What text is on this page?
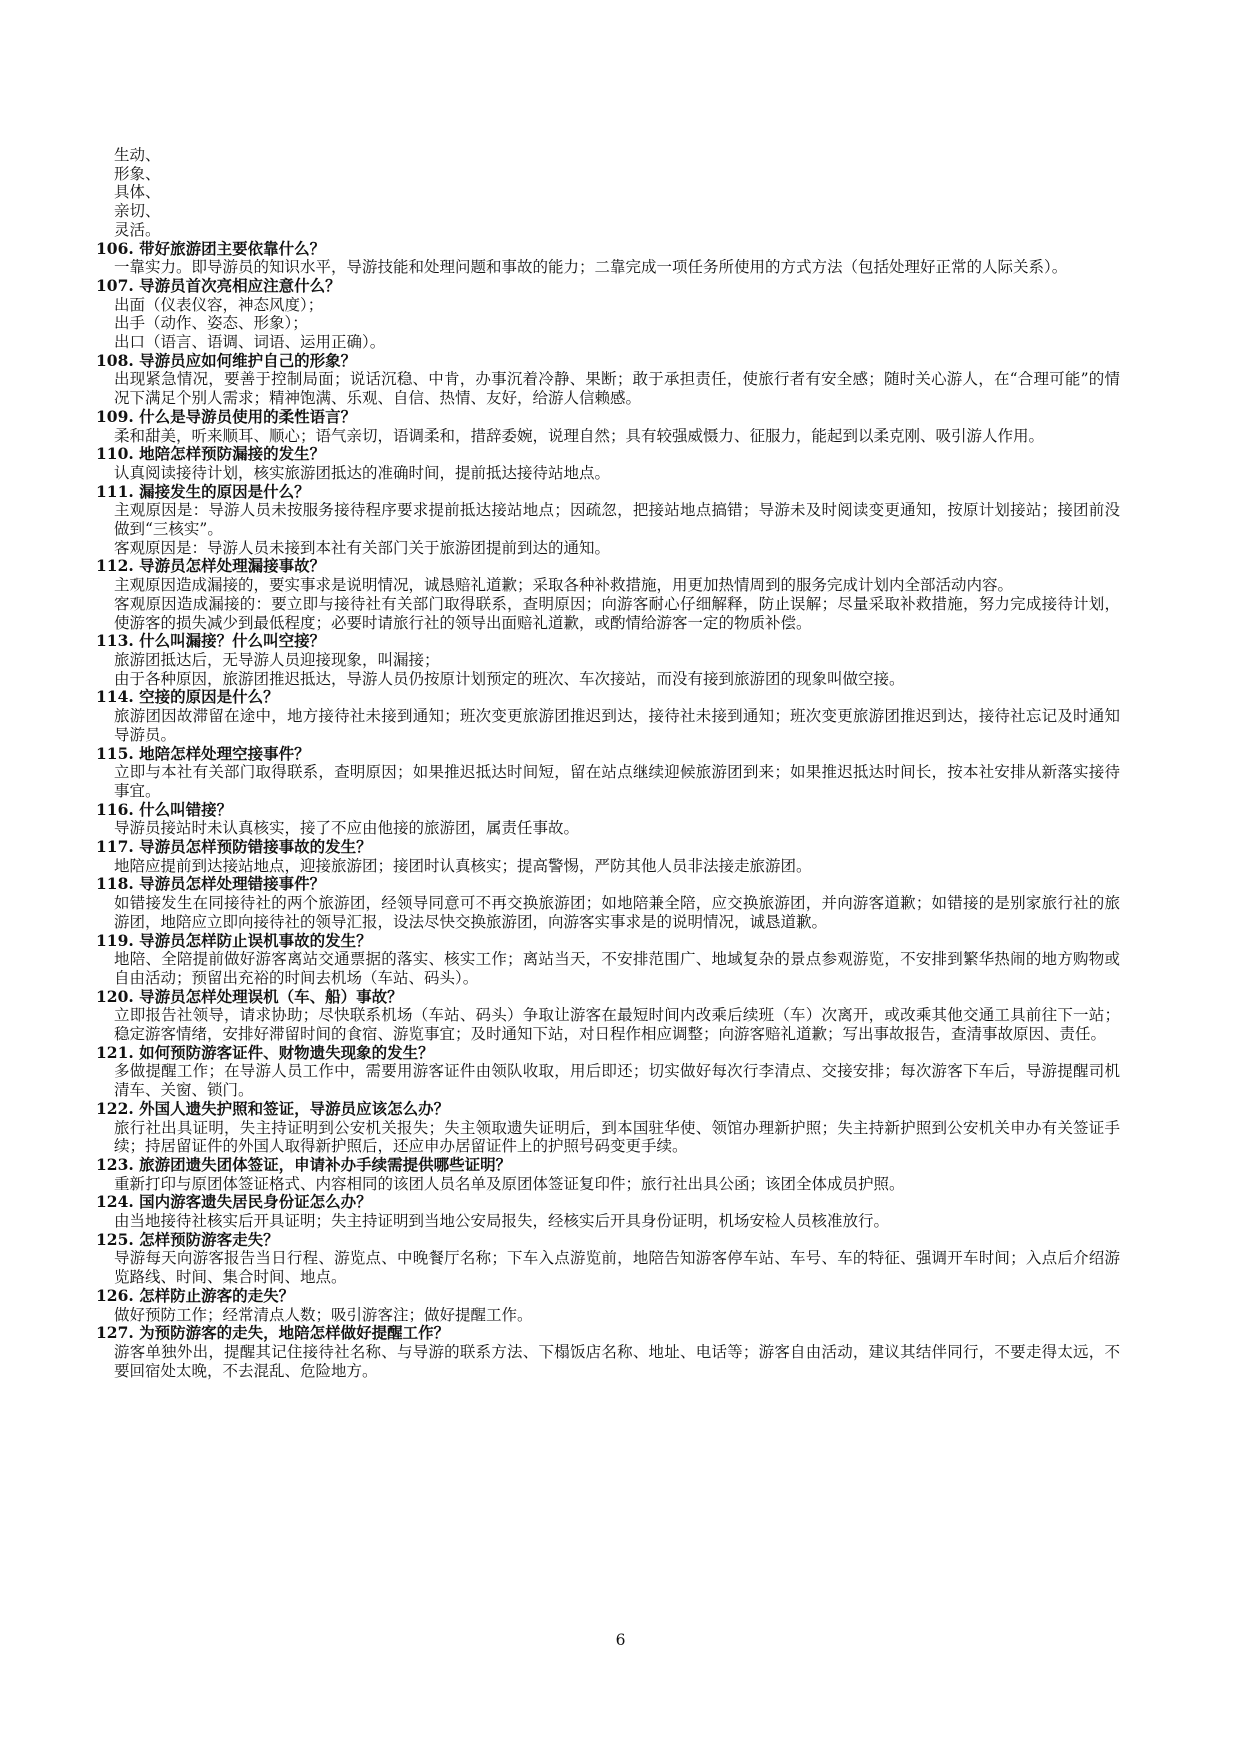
生动、

形象、

具体、

亲切、

灵活。

106. 带好旅游团主要依靠什么？

一靠实力。即导游员的知识水平，导游技能和处理问题和事故的能力；二靠完成一项任务所使用的方式方法（包括处理好正常的人际关系）。

107. 导游员首次亮相应注意什么？

出面（仪表仪容，神态风度）；

出手（动作、姿态、形象）；

出口（语言、语调、词语、运用正确）。

108. 导游员应如何维护自己的形象？

出现紧急情况，要善于控制局面；说话沉稳、中肯，办事沉着冷静、果断；敢于承担责任，使旅行者有安全感；随时关心游人，在“合理可能”的情况下满足个别人需求；精神饱满、乐观、自信、热情、友好，给游人信赖感。

109. 什么是导游员使用的柔性语言？

柔和甜美，听来顺耳、顺心；语气亲切，语调柔和，措辞委婉，说理自然；具有较强威慑力、征服力，能起到以柔克刚、吸引游人作用。

110. 地陪怎样预防漏接的发生？

认真阅读接待计划，核实旅游团抵达的准确时间，提前抵达接待站地点。

111. 漏接发生的原因是什么？

主观原因是：导游人员未按服务接待程序要求提前抵达接站地点；因疏忽，把接站地点搞错；导游未及时阅读变更通知，按原计划接站；接团前没做到“三核实”。

客观原因是：导游人员未接到本社有关部门关于旅游团提前到达的通知。

112. 导游员怎样处理漏接事故？

主观原因造成漏接的，要实事求是说明情况，诚恳赔礼道歉；采取各种补救措施，用更加热情周到的服务完成计划内全部活动内容。

客观原因造成漏接的：要立即与接待社有关部门取得联系，查明原因；向游客耐心仔细解释，防止误解；尽量采取补救措施，努力完成接待计划，使游客的损失减少到最低程度；必要时请旅行社的领导出面赔礼道歉，或酌情给游客一定的物质补偿。

113. 什么叫漏接？什么叫空接？

旅游团抵达后，无导游人员迎接现象，叫漏接；

由于各种原因，旅游团推迟抵达，导游人员仍按原计划预定的班次、车次接站，而没有接到旅游团的现象叫做空接。

114. 空接的原因是什么？

旅游团因故滞留在途中，地方接待社未接到通知；班次变更旅游团推迟到达，接待社未接到通知；班次变更旅游团推迟到达，接待社忘记及时通知导游员。

115. 地陪怎样处理空接事件？

立即与本社有关部门取得联系，查明原因；如果推迟抵达时间短，留在站点继续迎候旅游团到来；如果推迟抵达时间长，按本社安排从新落实接待事宜。

116. 什么叫错接？

导游员接站时未认真核实，接了不应由他接的旅游团，属责任事故。

117. 导游员怎样预防错接事故的发生？

地陪应提前到达接站地点，迎接旅游团；接团时认真核实；提高警惕，严防其他人员非法接走旅游团。

118. 导游员怎样处理错接事件？

如错接发生在同接待社的两个旅游团，经领导同意可不再交换旅游团；如地陪兼全陪，应交换旅游团，并向游客道歉；如错接的是别家旅行社的旅游团，地陪应立即向接待社的领导汇报，设法尽快交换旅游团，向游客实事求是的说明情况，诚恳道歉。

119. 导游员怎样防止误机事故的发生？

地陪、全陪提前做好游客离站交通票据的落实、核实工作；离站当天，不安排范围广、地域复杂的景点参观游览，不安排到繁华热闹的地方购物或自由活动；预留出充裕的时间去机场（车站、码头）。

120. 导游员怎样处理误机（车、船）事故？

立即报告社领导，请求协助；尽快联系机场（车站、码头）争取让游客在最短时间内改乘后续班（车）次离开，或改乘其他交通工具前往下一站；稳定游客情绪，安排好滞留时间的食宿、游览事宜；及时通知下站，对日程作相应调整；向游客赔礼道歉；写出事故报告，查清事故原因、责任。

121. 如何预防游客证件、财物遗失现象的发生？

多做提醒工作；在导游人员工作中，需要用游客证件由领队收取，用后即还；切实做好每次行李清点、交接安排；每次游客下车后，导游提醒司机清车、关窗、锁门。

122. 外国人遗失护照和签证，导游员应该怎么办？

旅行社出具证明，失主持证明到公安机关报失；失主领取遗失证明后，到本国驻华使、领馆办理新护照；失主持新护照到公安机关申办有关签证手续；持居留证件的外国人取得新护照后，还应申办居留证件上的护照号码变更手续。

123. 旅游团遗失团体签证，申请补办手续需提供哪些证明？

重新打印与原团体签证格式、内容相同的该团人员名单及原团体签证复印件；旅行社出具公函；该团全体成员护照。

124. 国内游客遗失居民身份证怎么办？

由当地接待社核实后开具证明；失主持证明到当地公安局报失，经核实后开具身份证明，机场安检人员核准放行。

125. 怎样预防游客走失？

导游每天向游客报告当日行程、游览点、中晚餐厅名称；下车入点游览前，地陪告知游客停车站、车号、车的特征、强调开车时间；入点后介绍游览路线、时间、集合时间、地点。

126. 怎样防止游客的走失？

做好预防工作；经常清点人数；吸引游客注；做好提醒工作。

127. 为预防游客的走失，地陪怎样做好提醒工作？

游客单独外出，提醒其记住接待社名称、与导游的联系方法、下榻饭店名称、地址、电话等；游客自由活动，建议其结伴同行，不要走得太远，不要回宿处太晚，不去混乱、危险地方。

6
